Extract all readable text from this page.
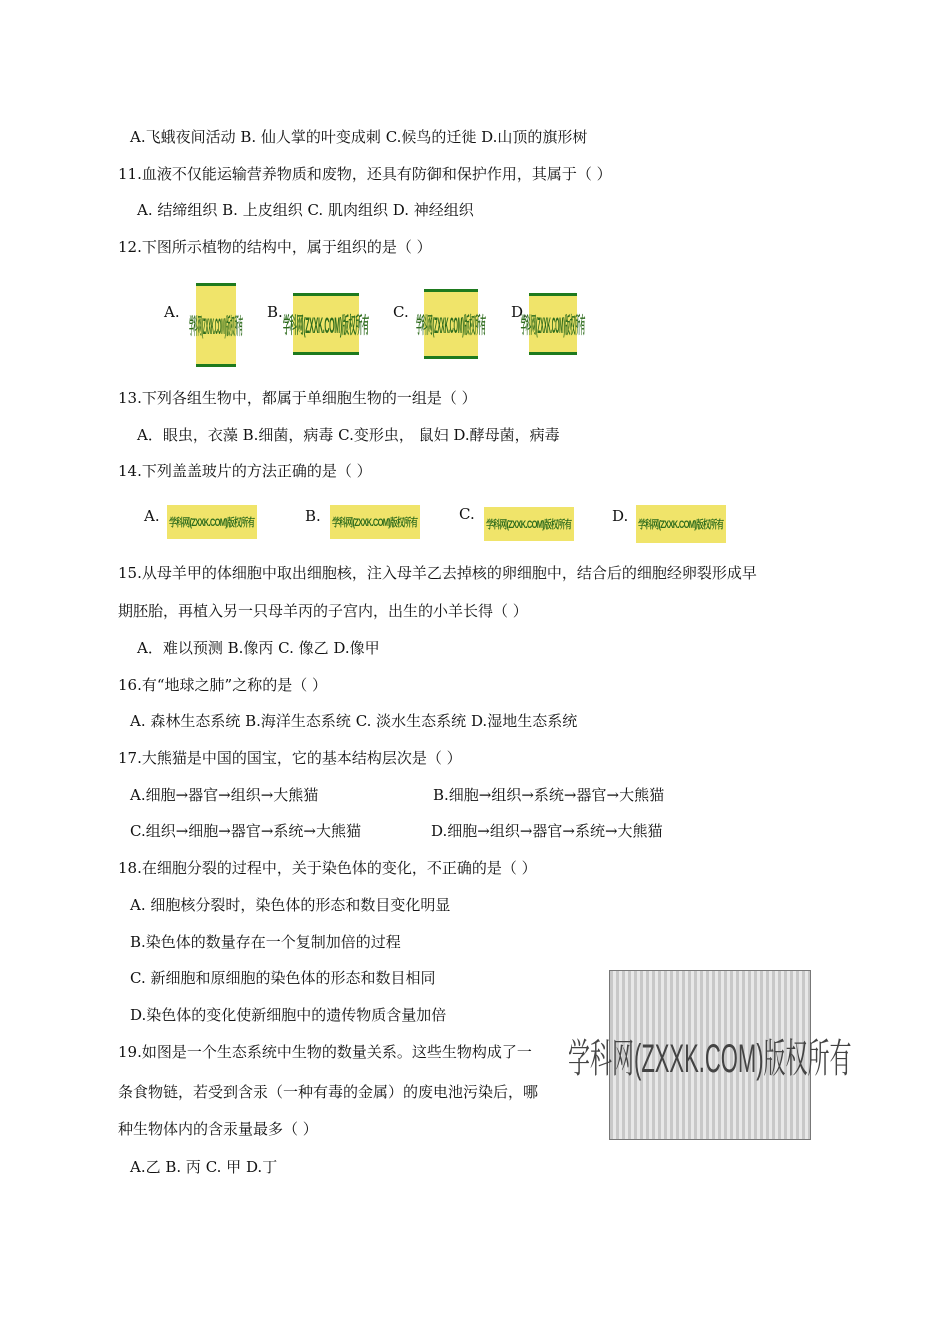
A.飞蛾夜间活动 B. 仙人掌的叶变成刺 C.候鸟的迁徙 D.山顶的旗形树
11.血液不仅能运输营养物质和废物，还具有防御和保护作用，其属于（ ）
A. 结缔组织 B. 上皮组织 C. 肌肉组织 D. 神经组织
12.下图所示植物的结构中，属于组织的是（ ）
A.
学科网(ZXXK.COM)版权所有
B.
学科网(ZXXK.COM)版权所有
C.
学科网(ZXXK.COM)版权所有
D.
学科网(ZXXK.COM)版权所有
13.下列各组生物中，都属于单细胞生物的一组是（ ）
A．眼虫，衣藻 B.细菌，病毒 C.变形虫， 鼠妇 D.酵母菌，病毒
14.下列盖盖玻片的方法正确的是（ ）
A. 学科网(ZXXK.COM)版权所有	B. 学科网(ZXXK.COM)版权所有	C.
学科网(ZXXK.COM)版权所有	D. 学科网(ZXXK.COM)版权所有
15.从母羊甲的体细胞中取出细胞核，注入母羊乙去掉核的卵细胞中，结合后的细胞经卵裂形成早
期胚胎，再植入另一只母羊丙的子宫内，出生的小羊长得（ ）
A．难以预测 B.像丙 C. 像乙 D.像甲
16.有“地球之肺”之称的是（ ）
A. 森林生态系统 B.海洋生态系统 C. 淡水生态系统 D.湿地生态系统
17.大熊猫是中国的国宝，它的基本结构层次是（ ）
A.细胞→器官→组织→大熊猫	B.细胞→组织→系统→器官→大熊猫
C.组织→细胞→器官→系统→大熊猫	D.细胞→组织→器官→系统→大熊猫
18.在细胞分裂的过程中，关于染色体的变化，不正确的是（ ）
A. 细胞核分裂时，染色体的形态和数目变化明显
B.染色体的数量存在一个复制加倍的过程
C. 新细胞和原细胞的染色体的形态和数目相同
D.染色体的变化使新细胞中的遗传物质含量加倍
学科网(ZXXK.COM)版权所有
19.如图是一个生态系统中生物的数量关系。这些生物构成了一
条食物链，若受到含汞（一种有毒的金属）的废电池污染后，哪
种生物体内的含汞量最多（ ）
A.乙 B. 丙 C. 甲 D.丁
